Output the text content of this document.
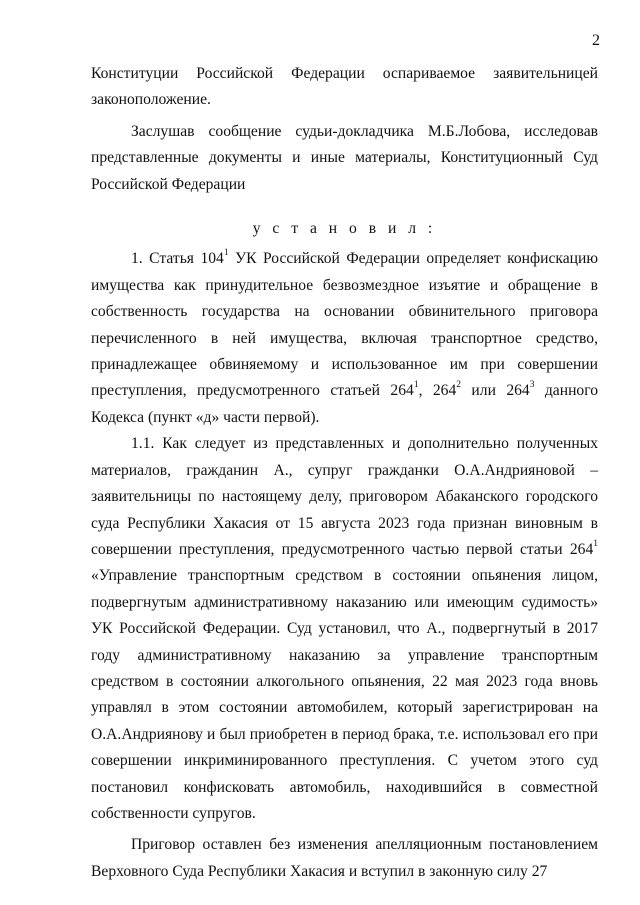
2

Конституции Российской Федерации оспариваемое заявительницей законоположение.

Заслушав сообщение судьи-докладчика М.Б.Лобова, исследовав представленные документы и иные материалы, Конституционный Суд Российской Федерации

у с т а н о в и л :

1. Статья $104^1$ УК Российской Федерации определяет конфискацию имущества как принудительное безвозмездное изъятие и обращение в собственность государства на основании обвинительного приговора перечисленного в ней имущества, включая транспортное средство, принадлежащее обвиняемому и использованное им при совершении преступления, предусмотренного статьей $264^1$, $264^2$ или $264^3$ данного Кодекса (пункт «д» части первой).

1.1. Как следует из представленных и дополнительно полученных материалов, гражданин А., супруг гражданки О.А.Андрияновой – заявительницы по настоящему делу, приговором Абаканского городского суда Республики Хакасия от 15 августа 2023 года признан виновным в совершении преступления, предусмотренного частью первой статьи $264^1$ «Управление транспортным средством в состоянии опьянения лицом, подвергнутым административному наказанию или имеющим судимость» УК Российской Федерации. Суд установил, что А., подвергнутый в 2017 году административному наказанию за управление транспортным средством в состоянии алкогольного опьянения, 22 мая 2023 года вновь управлял в этом состоянии автомобилем, который зарегистрирован на О.А.Андриянову и был приобретен в период брака, т.е. использовал его при совершении инкриминированного преступления. С учетом этого суд постановил конфисковать автомобиль, находившийся в совместной собственности супругов.

Приговор оставлен без изменения апелляционным постановлением Верховного Суда Республики Хакасия и вступил в законную силу 27
